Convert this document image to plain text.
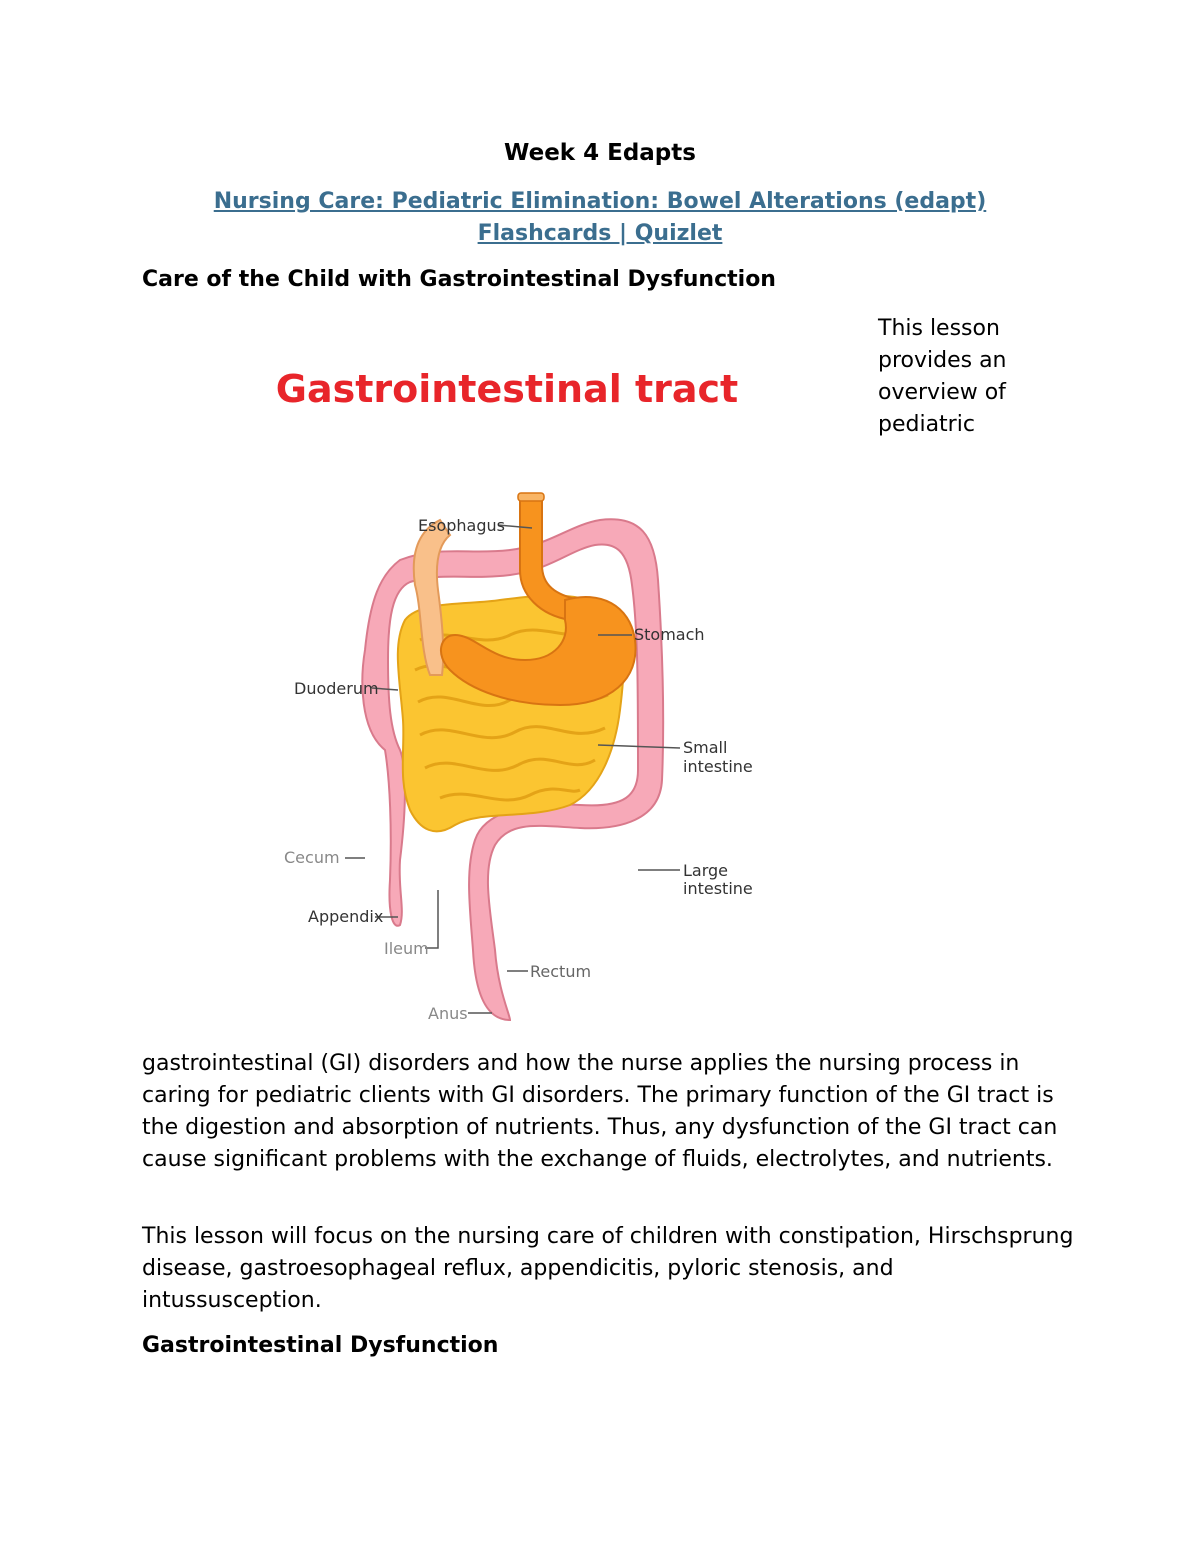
Week 4 Edapts
Nursing Care: Pediatric Elimination: Bowel Alterations (edapt) Flashcards | Quizlet
Care of the Child with Gastrointestinal Dysfunction
This lesson provides an overview of pediatric
Gastrointestinal tract
Esophagus
Stomach
Duoderum
Small
intestine
Cecum
Large
intestine
Appendix
Ileum
Rectum
Anus

gastrointestinal (GI) disorders and how the nurse applies the nursing process in caring for pediatric clients with GI disorders. The primary function of the GI tract is the digestion and absorption of nutrients. Thus, any dysfunction of the GI tract can cause significant problems with the exchange of fluids, electrolytes, and nutrients.

This lesson will focus on the nursing care of children with constipation, Hirschsprung disease, gastroesophageal reflux, appendicitis, pyloric stenosis, and intussusception.

Gastrointestinal Dysfunction
